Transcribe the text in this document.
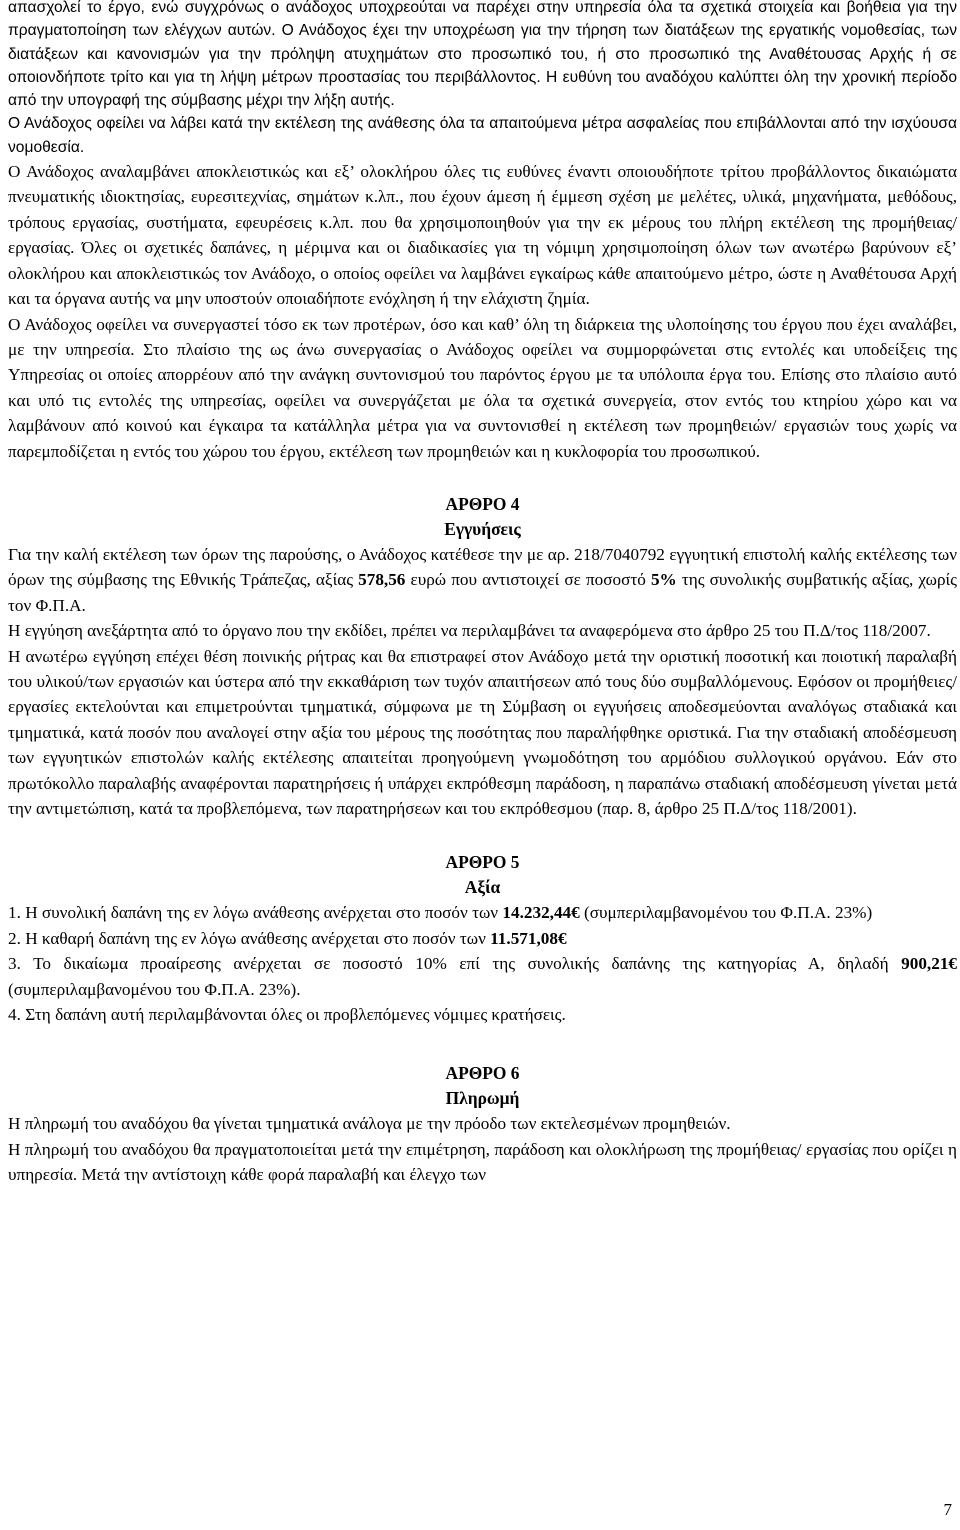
απασχολεί το έργο, ενώ συγχρόνως ο ανάδοχος υποχρεούται να παρέχει στην υπηρεσία όλα τα σχετικά στοιχεία και βοήθεια για την πραγματοποίηση των ελέγχων αυτών. Ο Ανάδοχος έχει την υποχρέωση για την τήρηση των διατάξεων της εργατικής νομοθεσίας, των διατάξεων και κανονισμών για την πρόληψη ατυχημάτων στο προσωπικό του, ή στο προσωπικό της Αναθέτουσας Αρχής ή σε οποιονδήποτε τρίτο και για τη λήψη μέτρων προστασίας του περιβάλλοντος. Η ευθύνη του αναδόχου καλύπτει όλη την χρονική περίοδο από την υπογραφή της σύμβασης μέχρι την λήξη αυτής.

Ο Ανάδοχος οφείλει να λάβει κατά την εκτέλεση της ανάθεσης όλα τα απαιτούμενα μέτρα ασφαλείας που επιβάλλονται από την ισχύουσα νομοθεσία.

Ο Ανάδοχος αναλαμβάνει αποκλειστικώς και εξ’ ολοκλήρου όλες τις ευθύνες έναντι οποιουδήποτε τρίτου προβάλλοντος δικαιώματα πνευματικής ιδιοκτησίας, ευρεσιτεχνίας, σημάτων κ.λπ., που έχουν άμεση ή έμμεση σχέση με μελέτες, υλικά, μηχανήματα, μεθόδους, τρόπους εργασίας, συστήματα, εφευρέσεις κ.λπ. που θα χρησιμοποιηθούν για την εκ μέρους του πλήρη εκτέλεση της προμήθειας/ εργασίας. Όλες οι σχετικές δαπάνες, η μέριμνα και οι διαδικασίες για τη νόμιμη χρησιμοποίηση όλων των ανωτέρω βαρύνουν εξ’ ολοκλήρου και αποκλειστικώς τον Ανάδοχο, ο οποίος οφείλει να λαμβάνει εγκαίρως κάθε απαιτούμενο μέτρο, ώστε η Αναθέτουσα Αρχή και τα όργανα αυτής να μην υποστούν οποιαδήποτε ενόχληση ή την ελάχιστη ζημία.

Ο Ανάδοχος οφείλει να συνεργαστεί τόσο εκ των προτέρων, όσο και καθ’ όλη τη διάρκεια της υλοποίησης του έργου που έχει αναλάβει, με την υπηρεσία. Στο πλαίσιο της ως άνω συνεργασίας ο Ανάδοχος οφείλει να συμμορφώνεται στις εντολές και υποδείξεις της Υπηρεσίας οι οποίες απορρέουν από την ανάγκη συντονισμού του παρόντος έργου με τα υπόλοιπα έργα του. Επίσης στο πλαίσιο αυτό και υπό τις εντολές της υπηρεσίας, οφείλει να συνεργάζεται με όλα τα σχετικά συνεργεία, στον εντός του κτηρίου χώρο και να λαμβάνουν από κοινού και έγκαιρα τα κατάλληλα μέτρα για να συντονισθεί η εκτέλεση των προμηθειών/ εργασιών τους χωρίς να παρεμποδίζεται η εντός του χώρου του έργου, εκτέλεση των προμηθειών και η κυκλοφορία του προσωπικού.

ΑΡΘΡΟ 4

Εγγυήσεις

Για την καλή εκτέλεση των όρων της παρούσης, ο Ανάδοχος κατέθεσε την με αρ. 218/7040792 εγγυητική επιστολή καλής εκτέλεσης των όρων της σύμβασης της Εθνικής Τράπεζας, αξίας 578,56 ευρώ που αντιστοιχεί σε ποσοστό 5% της συνολικής συμβατικής αξίας, χωρίς τον Φ.Π.Α.

Η εγγύηση ανεξάρτητα από το όργανο που την εκδίδει, πρέπει να περιλαμβάνει τα αναφερόμενα στο άρθρο 25 του Π.Δ/τος 118/2007.

Η ανωτέρω εγγύηση επέχει θέση ποινικής ρήτρας και θα επιστραφεί στον Ανάδοχο μετά την οριστική ποσοτική και ποιοτική παραλαβή του υλικού/των εργασιών και ύστερα από την εκκαθάριση των τυχόν απαιτήσεων από τους δύο συμβαλλόμενους. Εφόσον οι προμήθειες/ εργασίες εκτελούνται και επιμετρούνται τμηματικά, σύμφωνα με τη Σύμβαση οι εγγυήσεις αποδεσμεύονται αναλόγως σταδιακά και τμηματικά, κατά ποσόν που αναλογεί στην αξία του μέρους της ποσότητας που παραλήφθηκε οριστικά. Για την σταδιακή αποδέσμευση των εγγυητικών επιστολών καλής εκτέλεσης απαιτείται προηγούμενη γνωμοδότηση του αρμόδιου συλλογικού οργάνου. Εάν στο πρωτόκολλο παραλαβής αναφέρονται παρατηρήσεις ή υπάρχει εκπρόθεσμη παράδοση, η παραπάνω σταδιακή αποδέσμευση γίνεται μετά την αντιμετώπιση, κατά τα προβλεπόμενα, των παρατηρήσεων και του εκπρόθεσμου (παρ. 8, άρθρο 25 Π.Δ/τος 118/2001).

ΑΡΘΡΟ 5

Αξία

1. Η συνολική δαπάνη της εν λόγω ανάθεσης ανέρχεται στο ποσόν των 14.232,44€ (συμπεριλαμβανομένου του Φ.Π.Α. 23%)

2. Η καθαρή δαπάνη της εν λόγω ανάθεσης ανέρχεται στο ποσόν των 11.571,08€

3. Το δικαίωμα προαίρεσης ανέρχεται σε ποσοστό 10% επί της συνολικής δαπάνης της κατηγορίας Α, δηλαδή 900,21€ (συμπεριλαμβανομένου του Φ.Π.Α. 23%).

4. Στη δαπάνη αυτή περιλαμβάνονται όλες οι προβλεπόμενες νόμιμες κρατήσεις.

ΑΡΘΡΟ 6

Πληρωμή

Η πληρωμή του αναδόχου θα γίνεται τμηματικά ανάλογα με την πρόοδο των εκτελεσμένων προμηθειών.

Η πληρωμή του αναδόχου θα πραγματοποιείται μετά την επιμέτρηση, παράδοση και ολοκλήρωση της προμήθειας/ εργασίας που ορίζει η υπηρεσία. Μετά την αντίστοιχη κάθε φορά παραλαβή και έλεγχο των

7
